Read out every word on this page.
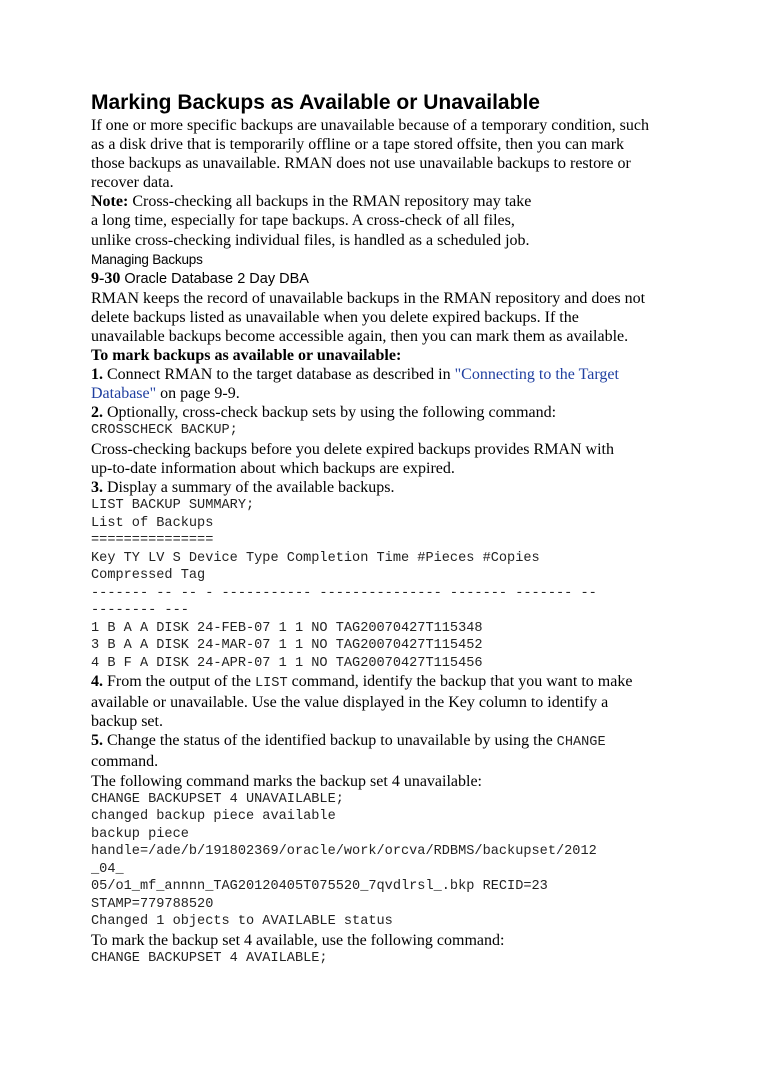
Marking Backups as Available or Unavailable
If one or more specific backups are unavailable because of a temporary condition, such
as a disk drive that is temporarily offline or a tape stored offsite, then you can mark
those backups as unavailable. RMAN does not use unavailable backups to restore or
recover data.
Note: Cross-checking all backups in the RMAN repository may take
a long time, especially for tape backups. A cross-check of all files,
unlike cross-checking individual files, is handled as a scheduled job.
Managing Backups
9-30 Oracle Database 2 Day DBA
RMAN keeps the record of unavailable backups in the RMAN repository and does not
delete backups listed as unavailable when you delete expired backups. If the
unavailable backups become accessible again, then you can mark them as available.
To mark backups as available or unavailable:
1. Connect RMAN to the target database as described in "Connecting to the Target
Database" on page 9-9.
2. Optionally, cross-check backup sets by using the following command:
CROSSCHECK BACKUP;
Cross-checking backups before you delete expired backups provides RMAN with
up-to-date information about which backups are expired.
3. Display a summary of the available backups.
LIST BACKUP SUMMARY;
List of Backups
===============
Key TY LV S Device Type Completion Time #Pieces #Copies
Compressed Tag
------- -- -- - ----------- --------------- ------- ------- --
-------- ---
1 B A A DISK 24-FEB-07 1 1 NO TAG20070427T115348
3 B A A DISK 24-MAR-07 1 1 NO TAG20070427T115452
4 B F A DISK 24-APR-07 1 1 NO TAG20070427T115456
4. From the output of the LIST command, identify the backup that you want to make
available or unavailable. Use the value displayed in the Key column to identify a
backup set.
5. Change the status of the identified backup to unavailable by using the CHANGE
command.
The following command marks the backup set 4 unavailable:
CHANGE BACKUPSET 4 UNAVAILABLE;
changed backup piece available
backup piece
handle=/ade/b/191802369/oracle/work/orcva/RDBMS/backupset/2012
_04_
05/o1_mf_annnn_TAG20120405T075520_7qvdlrsl_.bkp RECID=23
STAMP=779788520
Changed 1 objects to AVAILABLE status
To mark the backup set 4 available, use the following command:
CHANGE BACKUPSET 4 AVAILABLE;
